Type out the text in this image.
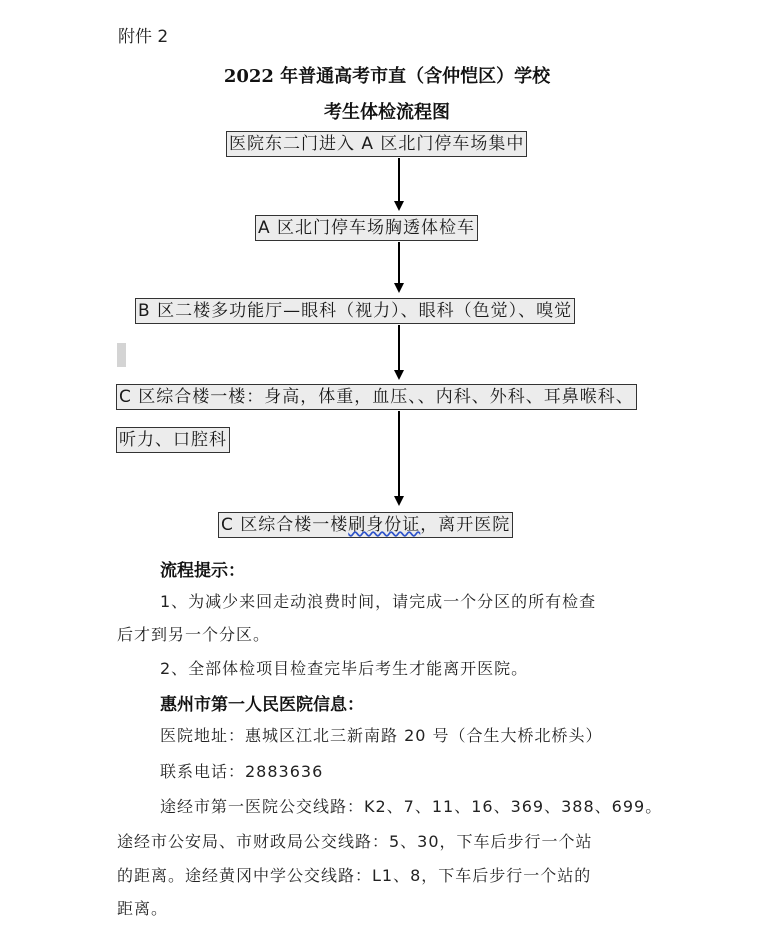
附件 2
2022 年普通高考市直（含仲恺区）学校
考生体检流程图
医院东二门进入 A 区北门停车场集中
A 区北门停车场胸透体检车
B 区二楼多功能厅—眼科（视力）、眼科（色觉）、嗅觉
C 区综合楼一楼：身高，体重，血压、、内科、外科、耳鼻喉科、
听力、口腔科
C 区综合楼一楼刷身份证，离开医院
流程提示：
1、为减少来回走动浪费时间，请完成一个分区的所有检查
后才到另一个分区。
2、全部体检项目检查完毕后考生才能离开医院。
惠州市第一人民医院信息：
医院地址：惠城区江北三新南路 20 号（合生大桥北桥头）
联系电话：2883636
途经市第一医院公交线路：K2、7、11、16、369、388、699。
途经市公安局、市财政局公交线路：5、30，下车后步行一个站
的距离。途经黄冈中学公交线路：L1、8，下车后步行一个站的
距离。
